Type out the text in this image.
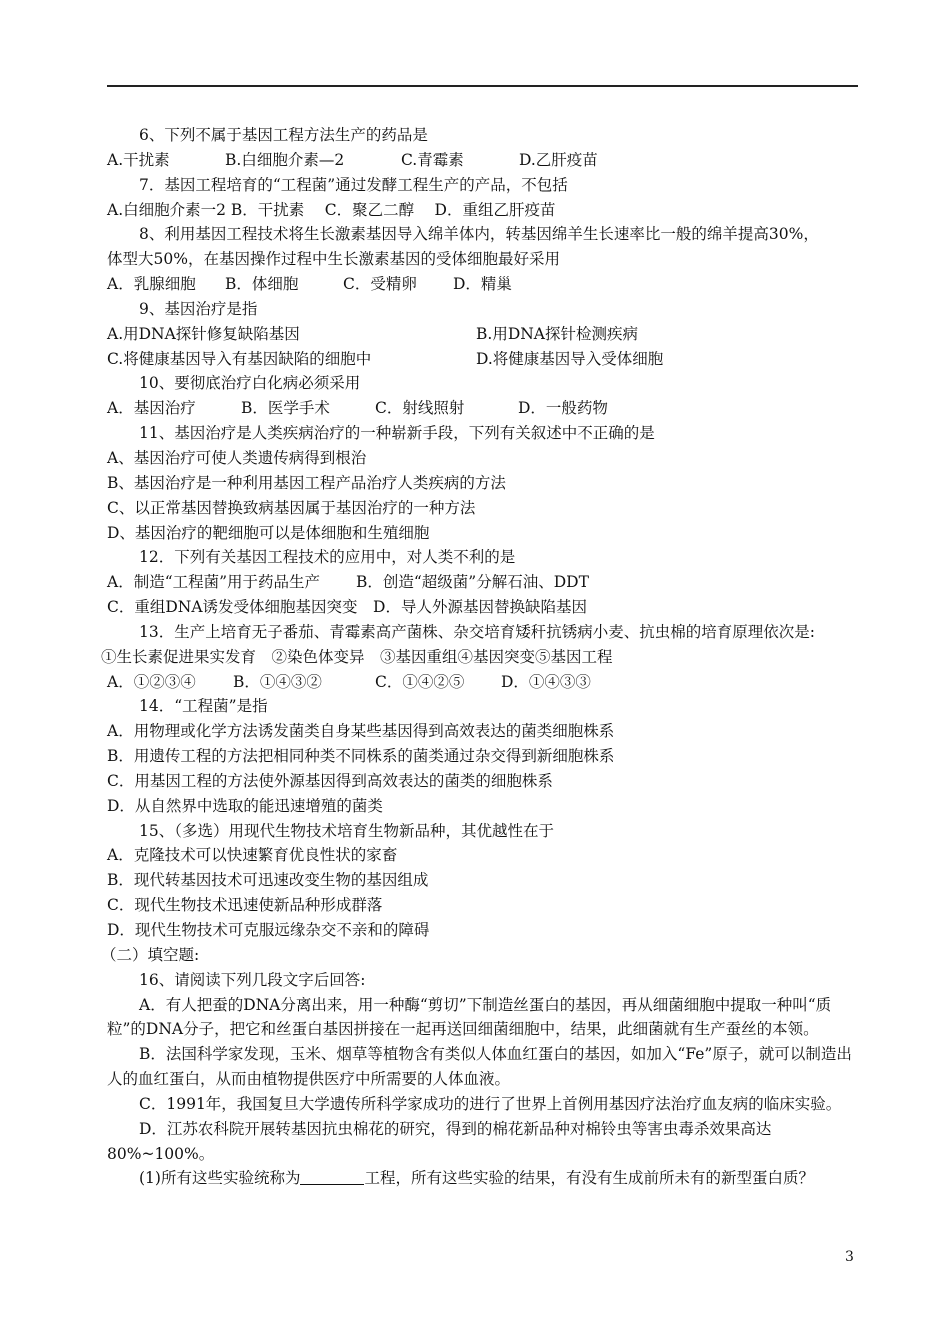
6、下列不属于基因工程方法生产的药品是

A.干扰素	B.白细胞介素—2	C.青霉素	D.乙肝疫苗

7．基因工程培育的“工程菌”通过发酵工程生产的产品，不包括

A.白细胞介素一2 B．干扰素　 C．聚乙二醇　 D．重组乙肝疫苗

8、利用基因工程技术将生长激素基因导入绵羊体内，转基因绵羊生长速率比一般的绵羊提高30%，

体型大50%，在基因操作过程中生长激素基因的受体细胞最好采用

A．乳腺细胞 B．体细胞	C．受精卵 D．精巢

9、基因治疗是指

A.用DNA探针修复缺陷基因	B.用DNA探针检测疾病

C.将健康基因导入有基因缺陷的细胞中	D.将健康基因导入受体细胞

10、要彻底治疗白化病必须采用

A．基因治疗	B．医学手术	C．射线照射	D．一般药物

11、基因治疗是人类疾病治疗的一种崭新手段，下列有关叙述中不正确的是

A、基因治疗可使人类遗传病得到根治

B、基因治疗是一种利用基因工程产品治疗人类疾病的方法

C、以正常基因替换致病基因属于基因治疗的一种方法

D、基因治疗的靶细胞可以是体细胞和生殖细胞

12．下列有关基因工程技术的应用中，对人类不利的是

A．制造“工程菌”用于药品生产　　 B．创造“超级菌”分解石油、DDT

C．重组DNA诱发受体细胞基因突变　D．导人外源基因替换缺陷基因

13．生产上培育无子番茄、青霉素高产菌株、杂交培育矮秆抗锈病小麦、抗虫棉的培育原理依次是:

①生长素促进果实发育　②染色体变异　③基因重组④基因突变⑤基因工程

A．①②③④ B．①④③②	C．①④②⑤ D．①④③③

14．“工程菌”是指

A．用物理或化学方法诱发菌类自身某些基因得到高效表达的菌类细胞株系

B．用遗传工程的方法把相同种类不同株系的菌类通过杂交得到新细胞株系

C．用基因工程的方法使外源基因得到高效表达的菌类的细胞株系

D．从自然界中选取的能迅速增殖的菌类

15、（多选）用现代生物技术培育生物新品种，其优越性在于

A．克隆技术可以快速繁育优良性状的家畜

B．现代转基因技术可迅速改变生物的基因组成

C．现代生物技术迅速使新品种形成群落

D．现代生物技术可克服远缘杂交不亲和的障碍

（二）填空题:

16、请阅读下列几段文字后回答:

A．有人把蚕的DNA分离出来，用一种酶“剪切”下制造丝蛋白的基因，再从细菌细胞中提取一种叫“质粒”的DNA分子，把它和丝蛋白基因拼接在一起再送回细菌细胞中，结果，此细菌就有生产蚕丝的本领。

B．法国科学家发现，玉米、烟草等植物含有类似人体血红蛋白的基因，如加入“Fe”原子，就可以制造出人的血红蛋白，从而由植物提供医疗中所需要的人体血液。

C．1991年，我国复旦大学遗传所科学家成功的进行了世界上首例用基因疗法治疗血友病的临床实验。

D．江苏农科院开展转基因抗虫棉花的研究，得到的棉花新品种对棉铃虫等害虫毒杀效果高达80%~100%。

(1)所有这些实验统称为	工程，所有这些实验的结果，有没有生成前所未有的新型蛋白质？

3
